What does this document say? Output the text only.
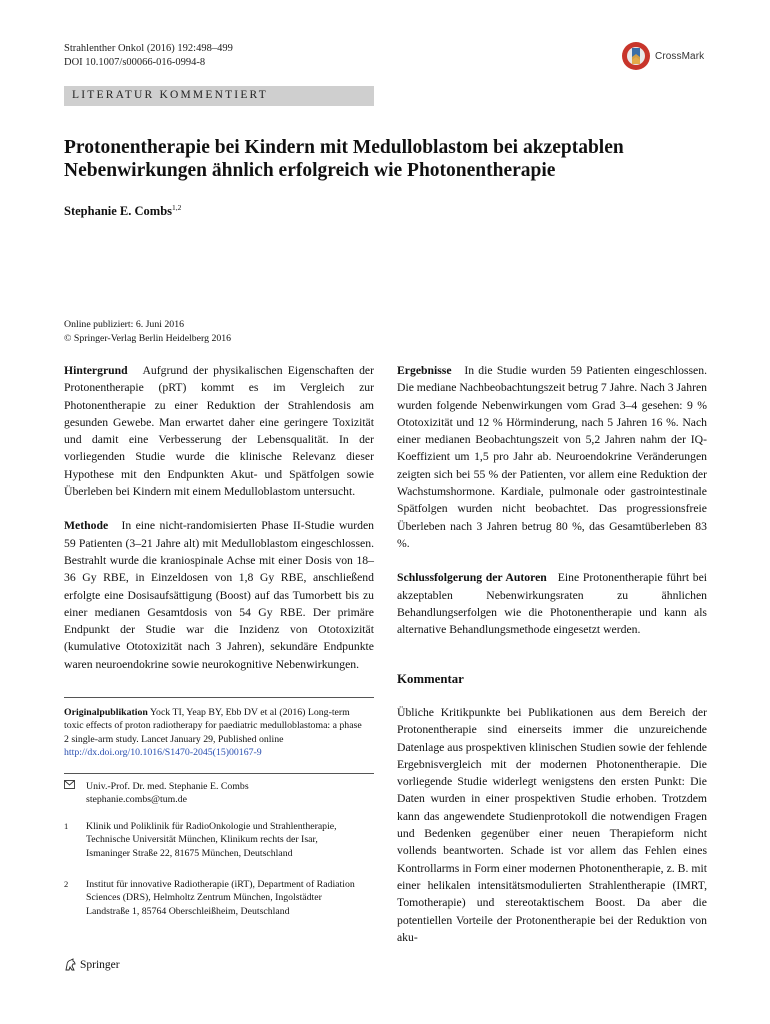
Strahlenther Onkol (2016) 192:498–499
DOI 10.1007/s00066-016-0994-8
CrossMark
LITERATUR KOMMENTIERT
Protonentherapie bei Kindern mit Medulloblastom bei akzeptablen Nebenwirkungen ähnlich erfolgreich wie Photonentherapie
Stephanie E. Combs$^{1,2}$
Online publiziert: 6. Juni 2016
© Springer-Verlag Berlin Heidelberg 2016

Hintergrund Aufgrund der physikalischen Eigenschaften der Protonentherapie (pRT) kommt es im Vergleich zur Photonentherapie zu einer Reduktion der Strahlendosis am gesunden Gewebe. Man erwartet daher eine geringere Toxizität und damit eine Verbesserung der Lebensqualität. In der vorliegenden Studie wurde die klinische Relevanz dieser Hypothese mit den Endpunkten Akut- und Spätfolgen sowie Überleben bei Kindern mit einem Medulloblastom untersucht.

Methode In eine nicht-randomisierten Phase II-Studie wurden 59 Patienten (3–21 Jahre alt) mit Medulloblastom eingeschlossen. Bestrahlt wurde die kraniospinale Achse mit einer Dosis von 18–36 Gy RBE, in Einzeldosen von 1,8 Gy RBE, anschließend erfolgte eine Dosisaufsättigung (Boost) auf das Tumorbett bis zu einer medianen Gesamtdosis von 54 Gy RBE. Der primäre Endpunkt der Studie war die Inzidenz von Ototoxizität (kumulative Ototoxizität nach 3 Jahren), sekundäre Endpunkte waren neuroendokrine sowie neurokognitive Nebenwirkungen.

Originalpublikation Yock TI, Yeap BY, Ebb DV et al (2016) Long-term toxic effects of proton radiotherapy for paediatric medulloblastoma: a phase 2 single-arm study. Lancet January 29, Published online http://dx.doi.org/10.1016/S1470-2045(15)00167-9
Univ.-Prof. Dr. med. Stephanie E. Combs
stephanie.combs@tum.de
1	Klinik und Poliklinik für RadioOnkologie und Strahlentherapie, Technische Universität München, Klinikum rechts der Isar, Ismaninger Straße 22, 81675 München, Deutschland
2	Institut für innovative Radiotherapie (iRT), Department of Radiation Sciences (DRS), Helmholtz Zentrum München, Ingolstädter Landstraße 1, 85764 Oberschleißheim, Deutschland

Ergebnisse In die Studie wurden 59 Patienten eingeschlossen. Die mediane Nachbeobachtungszeit betrug 7 Jahre. Nach 3 Jahren wurden folgende Nebenwirkungen vom Grad 3–4 gesehen: 9 % Ototoxizität und 12 % Hörminderung, nach 5 Jahren 16 %. Nach einer medianen Beobachtungszeit von 5,2 Jahren nahm der IQ-Koeffizient um 1,5 pro Jahr ab. Neuroendokrine Veränderungen zeigten sich bei 55 % der Patienten, vor allem eine Reduktion der Wachstumshormone. Kardiale, pulmonale oder gastrointestinale Spätfolgen wurden nicht beobachtet. Das progressionsfreie Überleben nach 3 Jahren betrug 80 %, das Gesamtüberleben 83 %.

Schlussfolgerung der Autoren Eine Protonentherapie führt bei akzeptablen Nebenwirkungsraten zu ähnlichen Behandlungserfolgen wie die Photonentherapie und kann als alternative Behandlungsmethode eingesetzt werden.

Kommentar
Übliche Kritikpunkte bei Publikationen aus dem Bereich der Protonentherapie sind einerseits immer die unzureichende Datenlage aus prospektiven klinischen Studien sowie der fehlende Ergebnisvergleich mit der modernen Photonentherapie. Die vorliegende Studie widerlegt wenigstens den ersten Punkt: Die Daten wurden in einer prospektiven Studie erhoben. Trotzdem kann das angewendete Studienprotokoll die notwendigen Fragen und Bedenken gegenüber einer neuen Therapieform nicht vollends beantworten. Schade ist vor allem das Fehlen eines Kontrollarms in Form einer modernen Photonentherapie, z. B. mit einer helikalen intensitätsmodulierten Strahlentherapie (IMRT, Tomotherapie) und stereotaktischem Boost. Da aber die potentiellen Vorteile der Protonentherapie bei der Reduktion von aku-
Springer
